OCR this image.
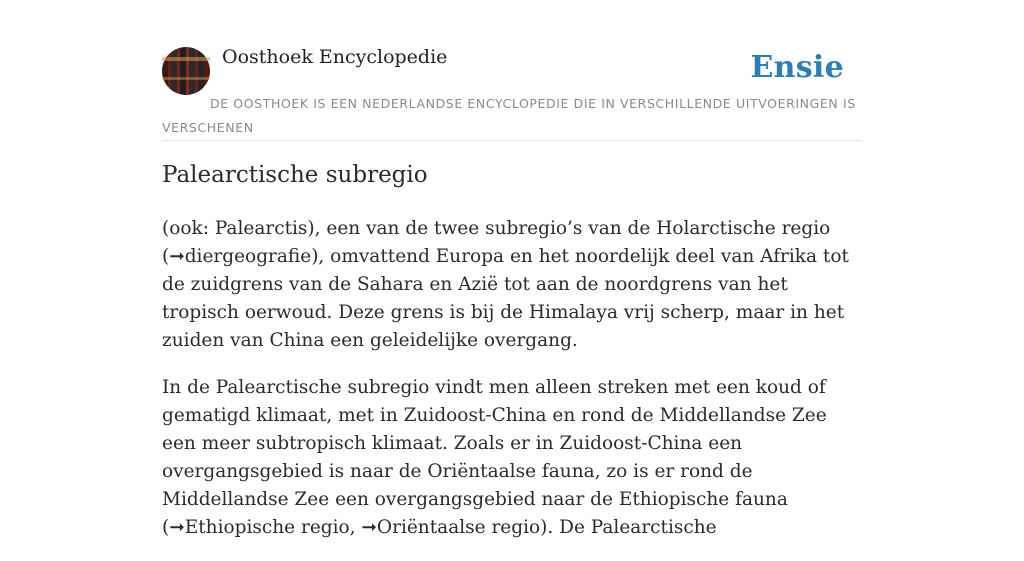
Oosthoek Encyclopedie	Ensie
DE OOSTHOEK IS EEN NEDERLANDSE ENCYCLOPEDIE DIE IN VERSCHILLENDE UITVOERINGEN IS VERSCHENEN
Palearctische subregio

(ook: Palearctis), een van de twee subregio’s van de Holarctische regio (➞diergeografie), omvattend Europa en het noordelijk deel van Afrika tot de zuidgrens van de Sahara en Azië tot aan de noordgrens van het tropisch oerwoud. Deze grens is bij de Himalaya vrij scherp, maar in het zuiden van China een geleidelijke overgang.

In de Palearctische subregio vindt men alleen streken met een koud of gematigd klimaat, met in Zuidoost-China en rond de Middellandse Zee een meer subtropisch klimaat. Zoals er in Zuidoost-China een overgangsgebied is naar de Oriëntaalse fauna, zo is er rond de Middellandse Zee een overgangsgebied naar de Ethiopische fauna (➞Ethiopische regio, ➞Oriëntaalse regio). De Palearctische
